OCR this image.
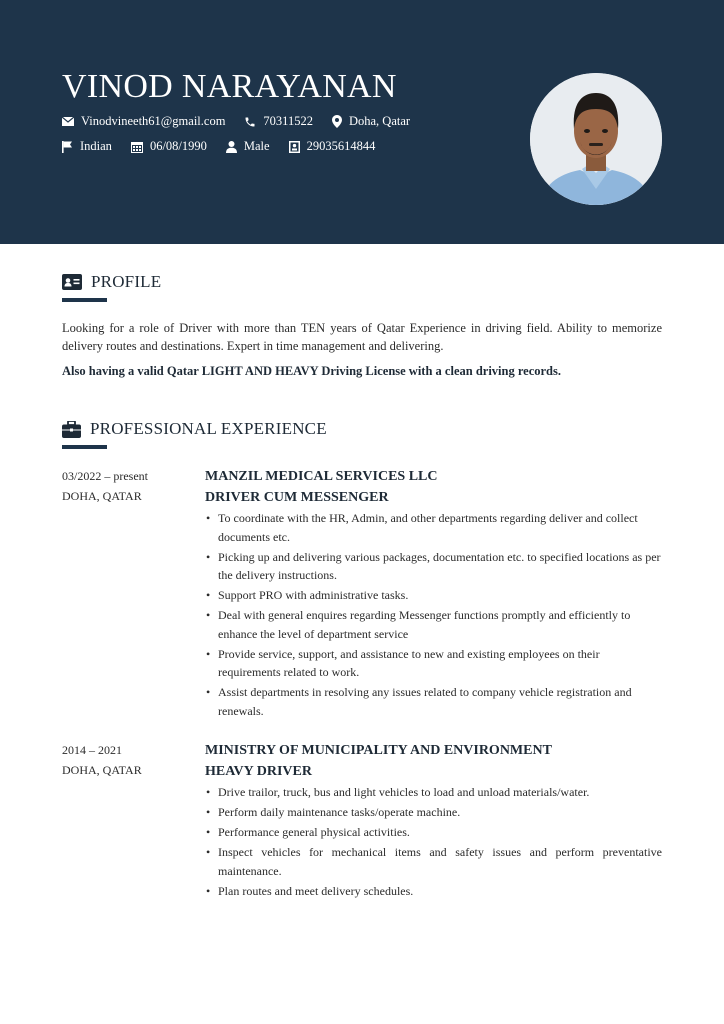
VINOD NARAYANAN
Vinodvineeth61@gmail.com	70311522	Doha, Qatar
Indian	06/08/1990	Male	29035614844
PROFILE
Looking for a role of Driver with more than TEN years of Qatar Experience in driving field. Ability to memorize delivery routes and destinations. Expert in time management and delivering.
Also having a valid Qatar LIGHT AND HEAVY Driving License with a clean driving records.
PROFESSIONAL EXPERIENCE
03/2022 – present
DOHA, QATAR
MANZIL MEDICAL SERVICES LLC
DRIVER CUM MESSENGER
• To coordinate with the HR, Admin, and other departments regarding deliver and collect documents etc.
• Picking up and delivering various packages, documentation etc. to specified locations as per the delivery instructions.
• Support PRO with administrative tasks.
• Deal with general enquires regarding Messenger functions promptly and efficiently to enhance the level of department service
• Provide service, support, and assistance to new and existing employees on their requirements related to work.
• Assist departments in resolving any issues related to company vehicle registration and renewals.
2014 – 2021
DOHA, QATAR
MINISTRY OF MUNICIPALITY AND ENVIRONMENT
HEAVY DRIVER
• Drive trailor, truck, bus and light vehicles to load and unload materials/water.
• Perform daily maintenance tasks/operate machine.
• Performance general physical activities.
• Inspect vehicles for mechanical items and safety issues and perform preventative maintenance.
• Plan routes and meet delivery schedules.
